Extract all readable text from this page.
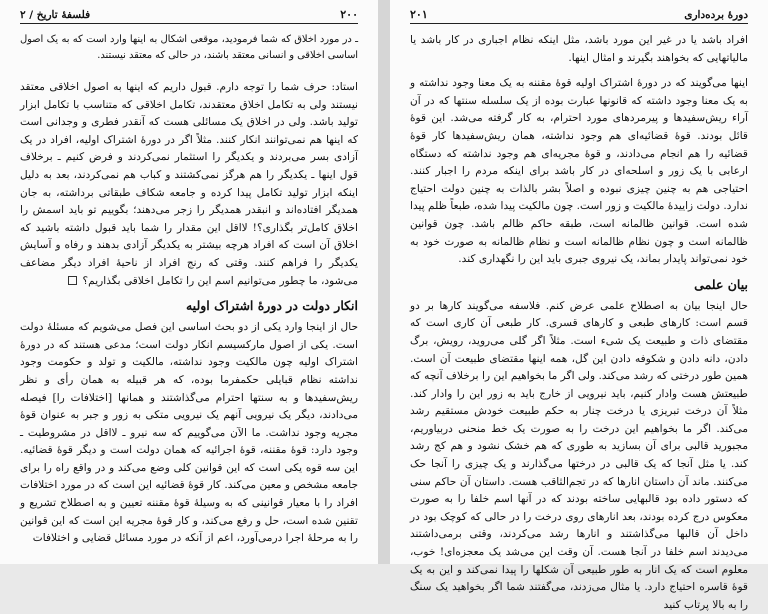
۲۰۰
فلسفهٔ تاریخ / ۲

ـ در مورد اخلاق که شما فرمودید، موقعی اشکال به اینها وارد است که به یک اصول اساسی اخلاقی و انسانی معتقد باشند، در حالی که معتقد نیستند.

استاد: حرف شما را توجه دارم. قبول داریم که اینها به اصول اخلاقی معتقد نیستند ولی به تکامل اخلاق معتقدند، تکامل اخلاقی که متناسب با تکامل ابزار تولید باشد. ولی در اخلاق یک مسائلی هست که آنقدر فطری و وجدانی است که اینها هم نمی‌توانند انکار کنند. مثلاً اگر در دورهٔ اشتراک اولیه، افراد در یک آزادی بسر می‌بردند و یکدیگر را استثمار نمی‌کردند و فرض کنیم ـ برخلاف قول اینها ـ یکدیگر را هم هرگز نمی‌کشتند و کباب هم نمی‌کردند، بعد به دلیل اینکه ابزار تولید تکامل پیدا کرده و جامعه شکاف طبقاتی برداشته، به جان همدیگر افتاده‌اند و انبقدر همدیگر را زجر می‌دهند؛ بگوییم تو باید اسمش را اخلاق کامل‌تر بگذاری؟! لااقل این مقدار را شما باید قبول داشته باشید که اخلاق آن است که افراد هرچه بیشتر به یکدیگر آزادی بدهند و رفاه و آسایش یکدیگر را فراهم کنند. وقتی که رنج افراد از ناحیهٔ افراد دیگر مضاعف می‌شود، ما چطور می‌توانیم اسم این را تکامل اخلاقی بگذاریم؟

انکار دولت در دورهٔ اشتراک اولیه

حال از اینجا وارد یکی از دو بحث اساسی این فصل می‌شویم که مسئلهٔ دولت است. یکی از اصول مارکسیسم انکار دولت است؛ مدعی هستند که در دورهٔ اشتراک اولیه چون مالکیت وجود نداشته، مالکیت و تولد و حکومت وجود نداشته نظام قبایلی حکمفرما بوده، که هر قبیله به همان رأی و نظر ریش‌سفیدها و به سنتها احترام می‌گذاشتند و همانها [اختلافات را] فیصله می‌دادند، دیگر یک نیرویی آنهم یک نیرویی متکی به زور و جبر به عنوان قوهٔ مجریه وجود نداشت. ما الآن می‌گوییم که سه نیرو ـ لااقل در مشروطیت ـ وجود دارد: قوهٔ مقننه، قوهٔ اجرائیه که همان دولت است و دیگر قوهٔ قضائیه. این سه قوه یکی است که این قوانین کلی وضع می‌کند و در واقع راه را برای جامعه مشخص و معین می‌کند. کار قوهٔ قضائیه این است که در مورد اختلافات افراد را با معیار قوانینی که به وسیلهٔ قوهٔ مقننه تعیین و به اصطلاح تشریع و تقنین شده است، حل و رفع می‌کند، و کار قوهٔ مجریه این است که این قوانین را به مرحلهٔ اجرا درمی‌آورد، اعم از آنکه در مورد مسائل قضایی و اختلافات

دورهٔ برده‌داری
۲۰۱

افراد باشد یا در غیر این مورد باشد، مثل اینکه نظام اجباری در کار باشد یا مالیاتهایی که بخواهند بگیرند و امثال اینها.

اینها می‌گویند که در دورهٔ اشتراک اولیه قوهٔ مقننه به یک معنا وجود نداشته و به یک معنا وجود داشته که قانونها عبارت بوده از یک سلسله سنتها که در آن آراء ریش‌سفیدها و پیرمردهای مورد احترام، به کار گرفته می‌شد. این قوهٔ قائل بودند. قوهٔ قضائیه‌ای هم وجود نداشته، همان ریش‌سفیدها کار قوهٔ قضائیه را هم انجام می‌دادند، و قوهٔ مجریه‌ای هم وجود نداشته که دستگاه ارعابی با یک زور و اسلحه‌ای در کار باشد برای اینکه مردم را اجبار کنند. احتیاجی هم به چنین چیزی نبوده و اصلاً بشر بالذات به چنین دولت احتیاج ندارد. دولت زاییدهٔ مالکیت و زور است. چون مالکیت پیدا شده، طبعاً ظلم پیدا شده است. قوانین ظالمانه است، طبقه حاکم ظالم باشد. چون قوانین ظالمانه است و چون نظام ظالمانه است و نظام ظالمانه به صورت خود به خود نمی‌تواند پایدار بماند، یک نیروی جبری باید این را نگهداری کند.

بیان علمی

حال اینجا بیان به اصطلاح علمی عرض کنم. فلاسفه می‌گویند کارها بر دو قسم است: کارهای طبعی و کارهای قسری. کار طبعی آن کاری است که مقتضای ذات و طبیعت یک شیء است. مثلاً اگر گلی می‌روید، رویش، برگ دادن، دانه دادن و شکوفه دادن این گل، همه اینها مقتضای طبیعت آن است. همین طور درختی که رشد می‌کند. ولی اگر ما بخواهیم این را برخلاف آنچه که طبیعتش هست وادار کنیم، باید نیرویی از خارج باید به زور این را وادار کند. مثلاً آن درخت تبریزی یا درخت چنار به حکم طبیعت خودش مستقیم رشد می‌کند. اگر ما بخواهیم این درخت را به صورت یک خط منحنی دربیاوریم، مجبورید قالبی برای آن بسازید به طوری که هم خشک نشود و هم کج رشد کند. یا مثل آنجا که یک قالبی در درختها می‌گذارند و یک چیزی را آنجا حک می‌کنند. ماند آن داستان انارها که در تجم‌الثاقب هست. داستان آن حاکم سنی که دستور داده بود قالبهایی ساخته بودند که در آنها اسم خلفا را به صورت معکوس درج کرده بودند، بعد انارهای روی درخت را در حالی که کوچک بود در داخل آن قالبها می‌گذاشتند و انارها رشد می‌کردند، وقتی برمی‌داشتند می‌دیدند اسم خلفا در آنجا هست. آن وقت این می‌شد یک معجزه‌ای! خوب، معلوم است که یک انار به طور طبیعی آن شکلها را پیدا نمی‌کند و این به یک قوهٔ قاسره احتیاج دارد. یا مثال می‌زدند، می‌گفتند شما اگر بخواهید یک سنگ را به بالا پرتاب کنید
